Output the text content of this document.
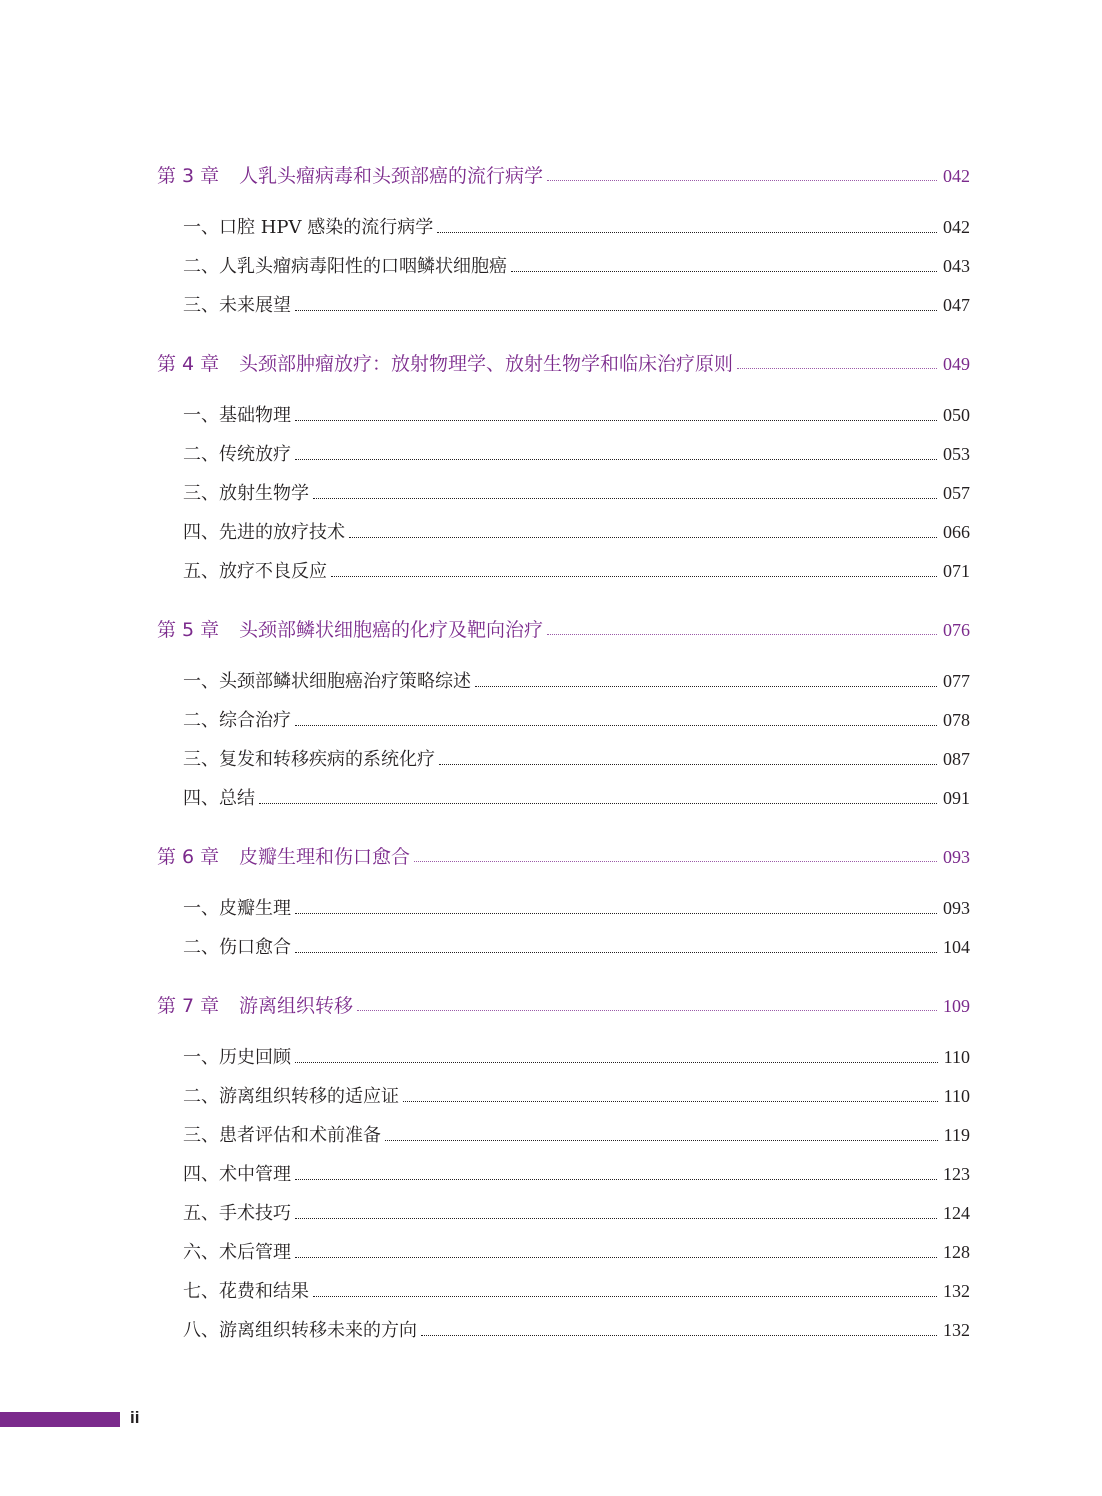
第 3 章	人乳头瘤病毒和头颈部癌的流行病学	042
一、口腔 HPV 感染的流行病学	042
二、人乳头瘤病毒阳性的口咽鳞状细胞癌	043
三、未来展望	047
第 4 章	头颈部肿瘤放疗：放射物理学、放射生物学和临床治疗原则	049
一、基础物理	050
二、传统放疗	053
三、放射生物学	057
四、先进的放疗技术	066
五、放疗不良反应	071
第 5 章	头颈部鳞状细胞癌的化疗及靶向治疗	076
一、头颈部鳞状细胞癌治疗策略综述	077
二、综合治疗	078
三、复发和转移疾病的系统化疗	087
四、总结	091
第 6 章	皮瓣生理和伤口愈合	093
一、皮瓣生理	093
二、伤口愈合	104
第 7 章	游离组织转移	109
一、历史回顾	110
二、游离组织转移的适应证	110
三、患者评估和术前准备	119
四、术中管理	123
五、手术技巧	124
六、术后管理	128
七、花费和结果	132
八、游离组织转移未来的方向	132
ii
